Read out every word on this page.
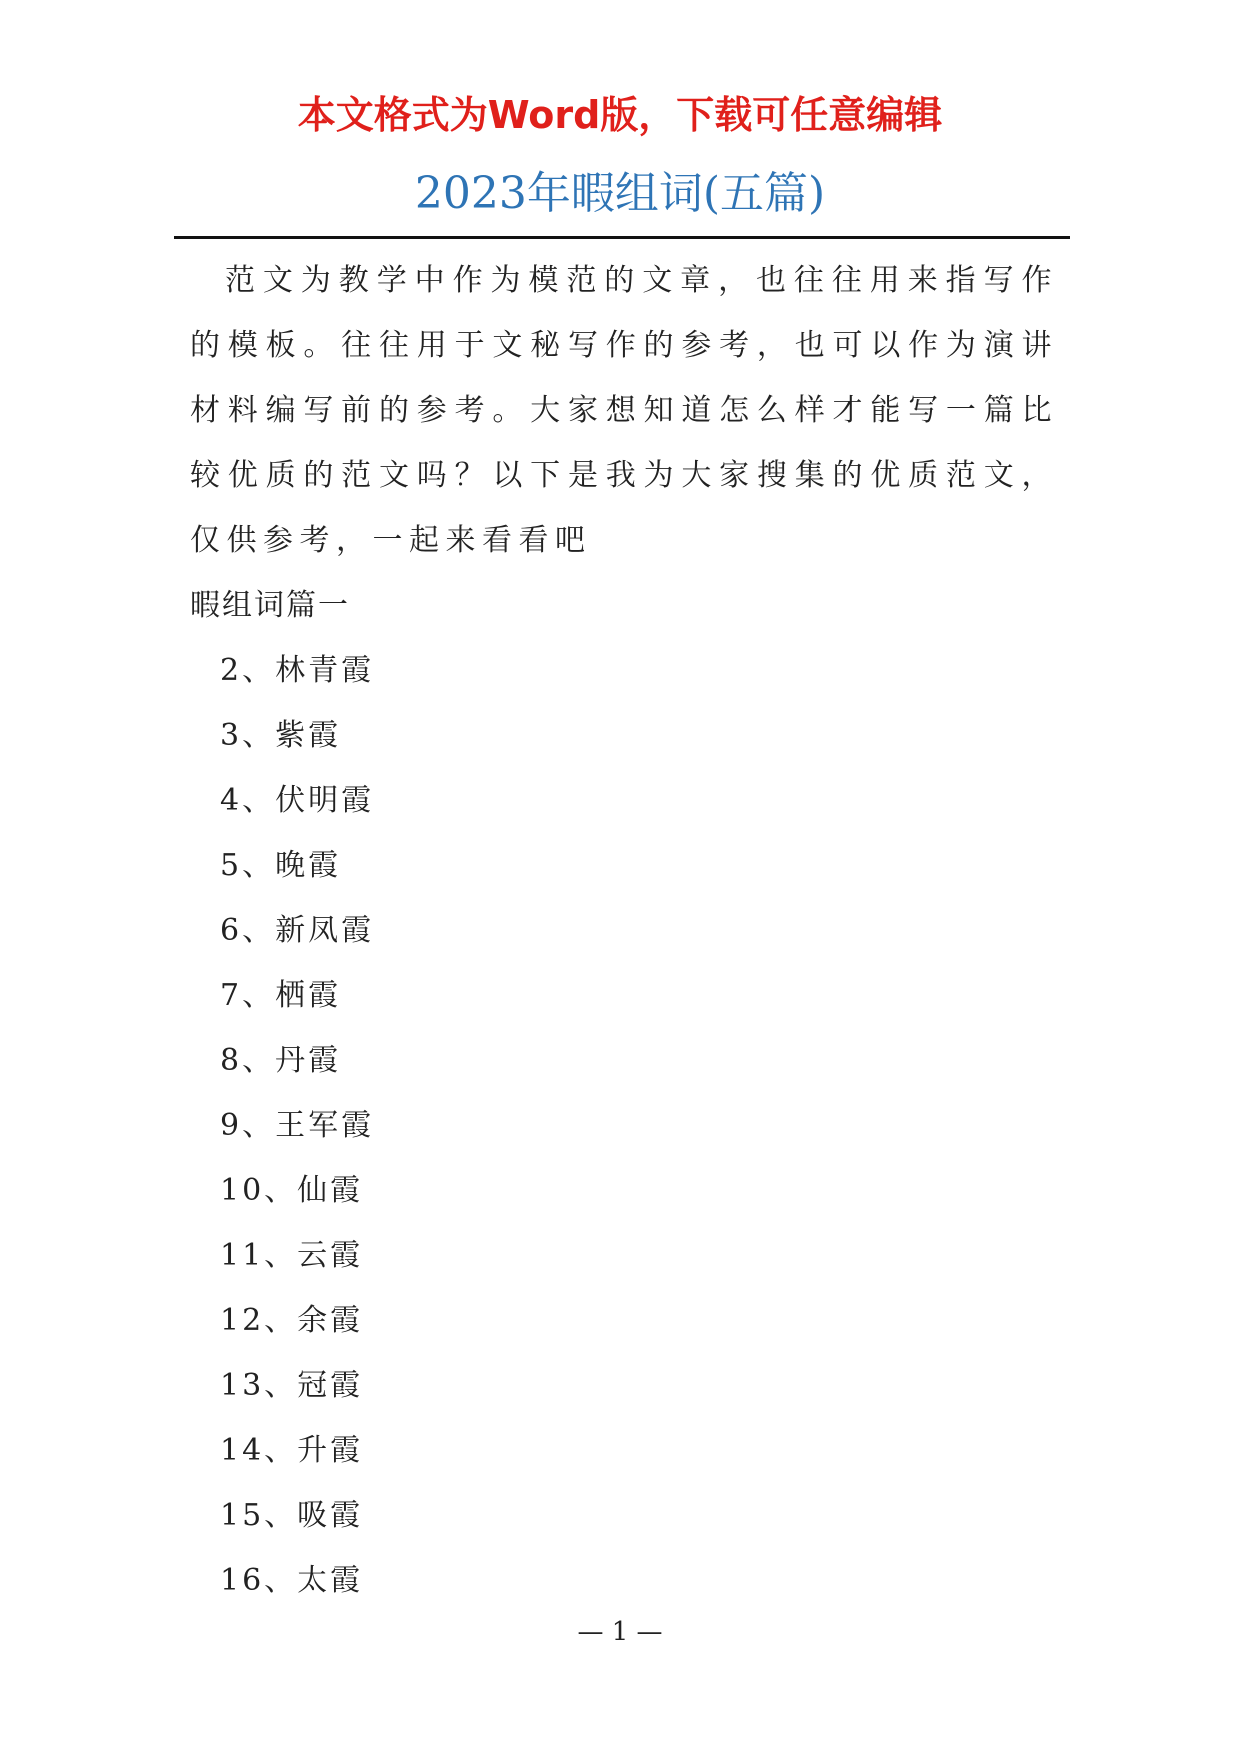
本文格式为Word版，下载可任意编辑
2023年暇组词(五篇)

范文为教学中作为模范的文章，也往往用来指写作的模板。往往用于文秘写作的参考，也可以作为演讲材料编写前的参考。大家想知道怎么样才能写一篇比较优质的范文吗？以下是我为大家搜集的优质范文，仅供参考，一起来看看吧

暇组词篇一

2、林青霞
3、紫霞
4、伏明霞
5、晚霞
6、新凤霞
7、栖霞
8、丹霞
9、王军霞
10、仙霞
11、云霞
12、余霞
13、冠霞
14、升霞
15、吸霞
16、太霞
— 1 —
